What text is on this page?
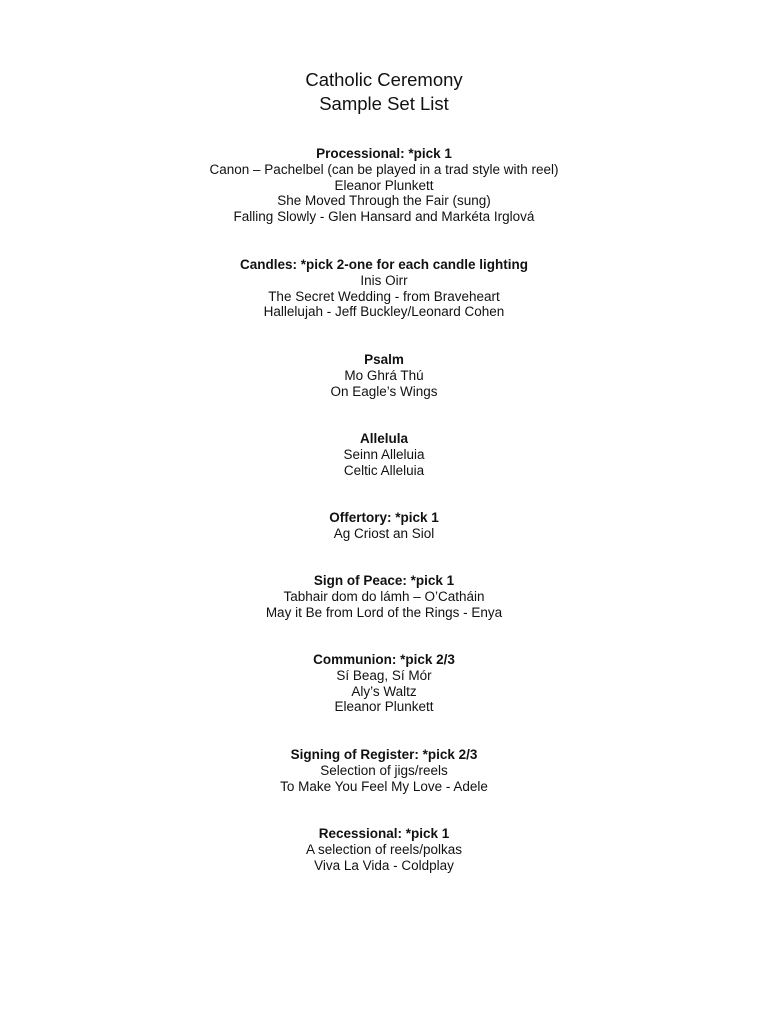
Catholic Ceremony
Sample Set List
Processional: *pick 1
Canon – Pachelbel (can be played in a trad style with reel)
Eleanor Plunkett
She Moved Through the Fair (sung)
Falling Slowly - Glen Hansard and Markéta Irglová
Candles: *pick 2-one for each candle lighting
Inis Oirr
The Secret Wedding - from Braveheart
Hallelujah - Jeff Buckley/Leonard Cohen
Psalm
Mo Ghrá Thú
On Eagle’s Wings
Allelula
Seinn Alleluia
Celtic Alleluia
Offertory: *pick 1
Ag Criost an Siol
Sign of Peace: *pick 1
Tabhair dom do lámh – O’Catháin
May it Be from Lord of the Rings - Enya
Communion: *pick 2/3
Sí Beag, Sí Mór
Aly’s Waltz
Eleanor Plunkett
Signing of Register: *pick 2/3
Selection of jigs/reels
To Make You Feel My Love - Adele
Recessional: *pick 1
A selection of reels/polkas
Viva La Vida - Coldplay
